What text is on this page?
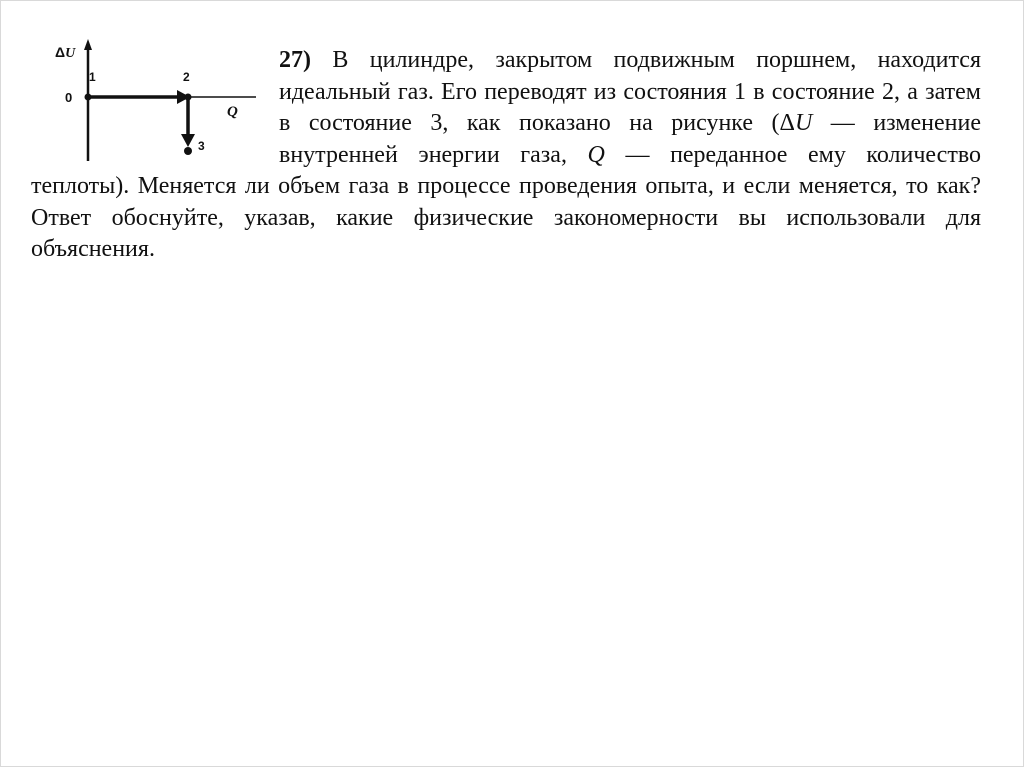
ΔU
0
1	2
3
Q

27) В цилиндре, закрытом подвижным поршнем, находится идеальный газ. Его переводят из состояния 1 в состояние 2, а затем в состояние 3, как показано на рисунке (ΔU — изменение внутренней энергии газа, Q — переданное ему количество теплоты). Меняется ли объем газа в процессе проведения опыта, и если меняется, то как? Ответ обоснуйте, указав, какие физические закономерности вы использовали для объяснения.
